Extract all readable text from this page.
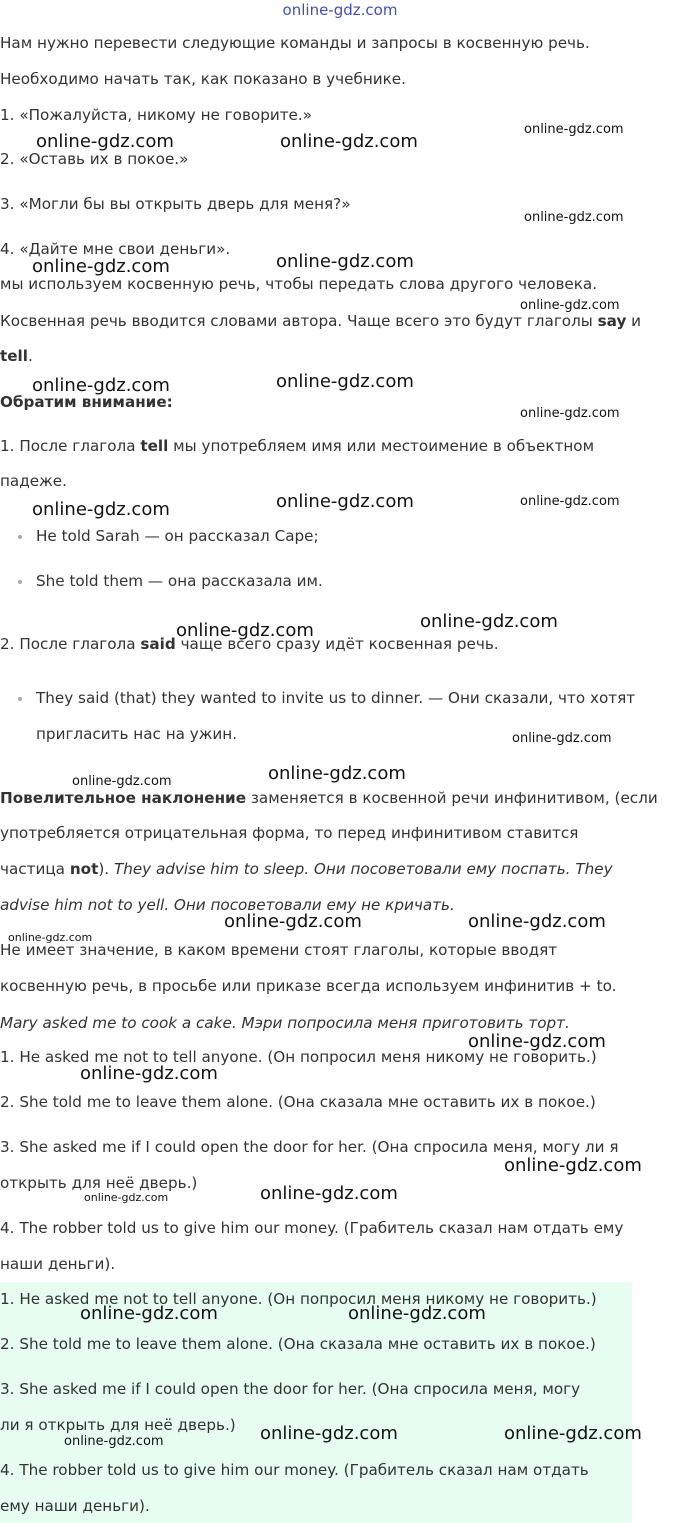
online-gdz.com

Нам нужно перевести следующие команды и запросы в косвенную речь.

Необходимо начать так, как показано в учебнике.

1. «Пожалуйста, никому не говорите.»

2. «Оставь их в покое.»

3. «Могли бы вы открыть дверь для меня?»

4. «Дайте мне свои деньги».

мы используем косвенную речь, чтобы передать слова другого человека.

Косвенная речь вводится словами автора. Чаще всего это будут глаголы say и

tell.

Обратим внимание:

1. После глагола tell мы употребляем имя или местоимение в объектном

падеже.

He told Sarah — он рассказал Саре;

She told them — она рассказала им.

2. После глагола said чаще всего сразу идёт косвенная речь.

They said (that) they wanted to invite us to dinner. — Они сказали, что хотят

пригласить нас на ужин.

Повелительное наклонение заменяется в косвенной речи инфинитивом, (если

употребляется отрицательная форма, то перед инфинитивом ставится

частица not). They advise him to sleep. Они посоветовали ему поспать. They

advise him not to yell. Они посоветовали ему не кричать.

Не имеет значение, в каком времени стоят глаголы, которые вводят

косвенную речь, в просьбе или приказе всегда используем инфинитив + to.

Mary asked me to cook a cake. Мэри попросила меня приготовить торт.

1. He asked me not to tell anyone. (Он попросил меня никому не говорить.)

2. She told me to leave them alone. (Она сказала мне оставить их в покое.)

3. She asked me if I could open the door for her. (Она спросила меня, могу ли я

открыть для неё дверь.)

4. The robber told us to give him our money. (Грабитель сказал нам отдать ему

наши деньги).

1. He asked me not to tell anyone. (Он попросил меня никому не говорить.)

2. She told me to leave them alone. (Она сказала мне оставить их в покое.)

3. She asked me if I could open the door for her. (Она спросила меня, могу

ли я открыть для неё дверь.)

4. The robber told us to give him our money. (Грабитель сказал нам отдать

ему наши деньги).

online-gdz.com	online-gdz.com
online-gdz.com
online-gdz.com
online-gdz.com	online-gdz.com
online-gdz.com
online-gdz.com	online-gdz.com
online-gdz.com
online-gdz.com	online-gdz.com	online-gdz.com
online-gdz.com
online-gdz.com
online-gdz.com
online-gdz.com	online-gdz.com
online-gdz.com	online-gdz.com
online-gdz.com
online-gdz.com
online-gdz.com
online-gdz.com
online-gdz.com
online-gdz.com
online-gdz.com	online-gdz.com
online-gdz.com	online-gdz.com
online-gdz.com
